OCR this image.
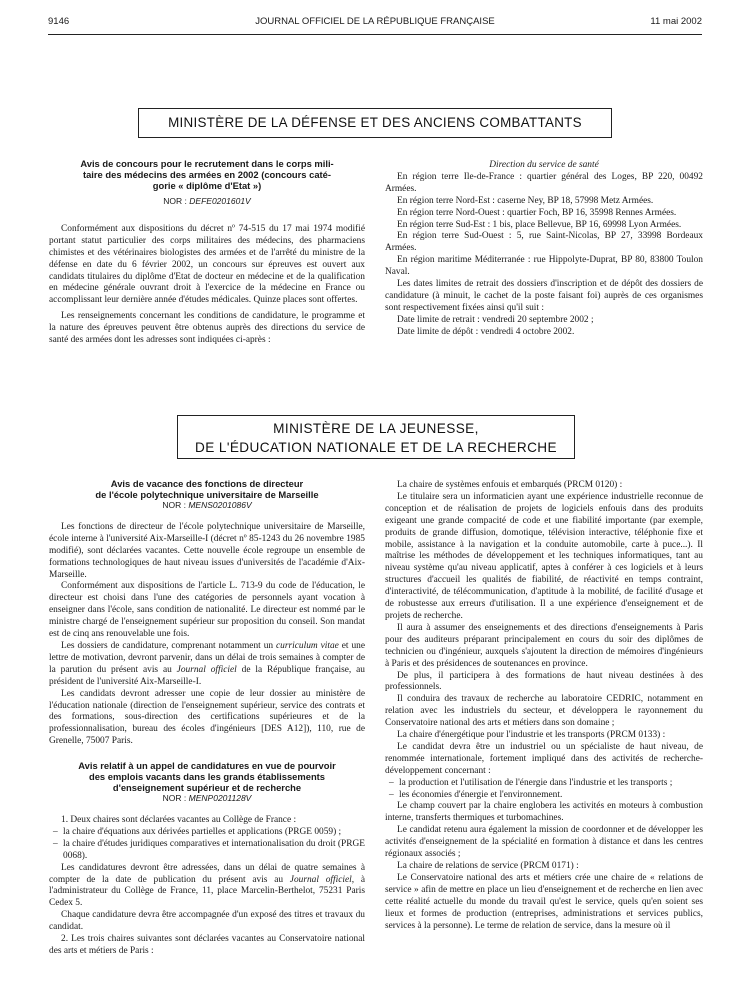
9146	JOURNAL OFFICIEL DE LA RÉPUBLIQUE FRANÇAISE	11 mai 2002
MINISTÈRE DE LA DÉFENSE ET DES ANCIENS COMBATTANTS
Avis de concours pour le recrutement dans le corps mili-
taire des médecins des armées en 2002 (concours caté-
gorie « diplôme d'Etat »)
NOR : DEFE0201601V

Conformément aux dispositions du décret nº 74-515 du 17 mai 1974 modifié portant statut particulier des corps militaires des médecins, des pharmaciens chimistes et des vétérinaires biologistes des armées et de l'arrêté du ministre de la défense en date du 6 février 2002, un concours sur épreuves est ouvert aux candidats titulaires du diplôme d'Etat de docteur en médecine et de la qualification en médecine générale ouvrant droit à l'exercice de la médecine en France ou accomplissant leur dernière année d'études médicales. Quinze places sont offertes.

Les renseignements concernant les conditions de candidature, le programme et la nature des épreuves peuvent être obtenus auprès des directions du service de santé des armées dont les adresses sont indiquées ci-après :

Direction du service de santé

En région terre Ile-de-France : quartier général des Loges, BP 220, 00492 Armées.

En région terre Nord-Est : caserne Ney, BP 18, 57998 Metz Armées.

En région terre Nord-Ouest : quartier Foch, BP 16, 35998 Rennes Armées.

En région terre Sud-Est : 1 bis, place Bellevue, BP 16, 69998 Lyon Armées.

En région terre Sud-Ouest : 5, rue Saint-Nicolas, BP 27, 33998 Bordeaux Armées.

En région maritime Méditerranée : rue Hippolyte-Duprat, BP 80, 83800 Toulon Naval.

Les dates limites de retrait des dossiers d'inscription et de dépôt des dossiers de candidature (à minuit, le cachet de la poste faisant foi) auprès de ces organismes sont respectivement fixées ainsi qu'il suit :

Date limite de retrait : vendredi 20 septembre 2002 ;

Date limite de dépôt : vendredi 4 octobre 2002.

MINISTÈRE DE LA JEUNESSE,
DE L'ÉDUCATION NATIONALE ET DE LA RECHERCHE
Avis de vacance des fonctions de directeur
de l'école polytechnique universitaire de Marseille
NOR : MENS0201086V

Les fonctions de directeur de l'école polytechnique universitaire de Marseille, école interne à l'université Aix-Marseille-I (décret nº 85-1243 du 26 novembre 1985 modifié), sont déclarées vacantes. Cette nouvelle école regroupe un ensemble de formations technologiques de haut niveau issues d'universités de l'académie d'Aix-Marseille.

Conformément aux dispositions de l'article L. 713-9 du code de l'éducation, le directeur est choisi dans l'une des catégories de personnels ayant vocation à enseigner dans l'école, sans condition de nationalité. Le directeur est nommé par le ministre chargé de l'enseignement supérieur sur proposition du conseil. Son mandat est de cinq ans renouvelable une fois.

Les dossiers de candidature, comprenant notamment un curriculum vitae et une lettre de motivation, devront parvenir, dans un délai de trois semaines à compter de la parution du présent avis au Journal officiel de la République française, au président de l'université Aix-Marseille-I.

Les candidats devront adresser une copie de leur dossier au ministère de l'éducation nationale (direction de l'enseignement supérieur, service des contrats et des formations, sous-direction des certifications supérieures et de la professionnalisation, bureau des écoles d'ingénieurs [DES A12]), 110, rue de Grenelle, 75007 Paris.

Avis relatif à un appel de candidatures en vue de pourvoir
des emplois vacants dans les grands établissements
d'enseignement supérieur et de recherche
NOR : MENP0201128V

1. Deux chaires sont déclarées vacantes au Collège de France :

– la chaire d'équations aux dérivées partielles et applications (PRGE 0059) ;

– la chaire d'études juridiques comparatives et internationalisation du droit (PRGE 0068).

Les candidatures devront être adressées, dans un délai de quatre semaines à compter de la date de publication du présent avis au Journal officiel, à l'administrateur du Collège de France, 11, place Marcelin-Berthelot, 75231 Paris Cedex 5.

Chaque candidature devra être accompagnée d'un exposé des titres et travaux du candidat.

2. Les trois chaires suivantes sont déclarées vacantes au Conservatoire national des arts et métiers de Paris :

La chaire de systèmes enfouis et embarqués (PRCM 0120) :

Le titulaire sera un informaticien ayant une expérience industrielle reconnue de conception et de réalisation de projets de logiciels enfouis dans des produits exigeant une grande compacité de code et une fiabilité importante (par exemple, produits de grande diffusion, domotique, télévision interactive, téléphonie fixe et mobile, assistance à la navigation et la conduite automobile, carte à puce...). Il maîtrise les méthodes de développement et les techniques informatiques, tant au niveau système qu'au niveau applicatif, aptes à conférer à ces logiciels et à leurs structures d'accueil les qualités de fiabilité, de réactivité en temps contraint, d'interactivité, de télécommunication, d'aptitude à la mobilité, de facilité d'usage et de robustesse aux erreurs d'utilisation. Il a une expérience d'enseignement et de projets de recherche.

Il aura à assumer des enseignements et des directions d'enseignements à Paris pour des auditeurs préparant principalement en cours du soir des diplômes de technicien ou d'ingénieur, auxquels s'ajoutent la direction de mémoires d'ingénieurs à Paris et des présidences de soutenances en province.

De plus, il participera à des formations de haut niveau destinées à des professionnels.

Il conduira des travaux de recherche au laboratoire CEDRIC, notamment en relation avec les industriels du secteur, et développera le rayonnement du Conservatoire national des arts et métiers dans son domaine ;

La chaire d'énergétique pour l'industrie et les transports (PRCM 0133) :

Le candidat devra être un industriel ou un spécialiste de haut niveau, de renommée internationale, fortement impliqué dans des activités de recherche-développement concernant :

– la production et l'utilisation de l'énergie dans l'industrie et les transports ;

– les économies d'énergie et l'environnement.

Le champ couvert par la chaire englobera les activités en moteurs à combustion interne, transferts thermiques et turbomachines.

Le candidat retenu aura également la mission de coordonner et de développer les activités d'enseignement de la spécialité en formation à distance et dans les centres régionaux associés ;

La chaire de relations de service (PRCM 0171) :

Le Conservatoire national des arts et métiers crée une chaire de « relations de service » afin de mettre en place un lieu d'enseignement et de recherche en lien avec cette réalité actuelle du monde du travail qu'est le service, quels qu'en soient ses lieux et formes de production (entreprises, administrations et services publics, services à la personne). Le terme de relation de service, dans la mesure où il
